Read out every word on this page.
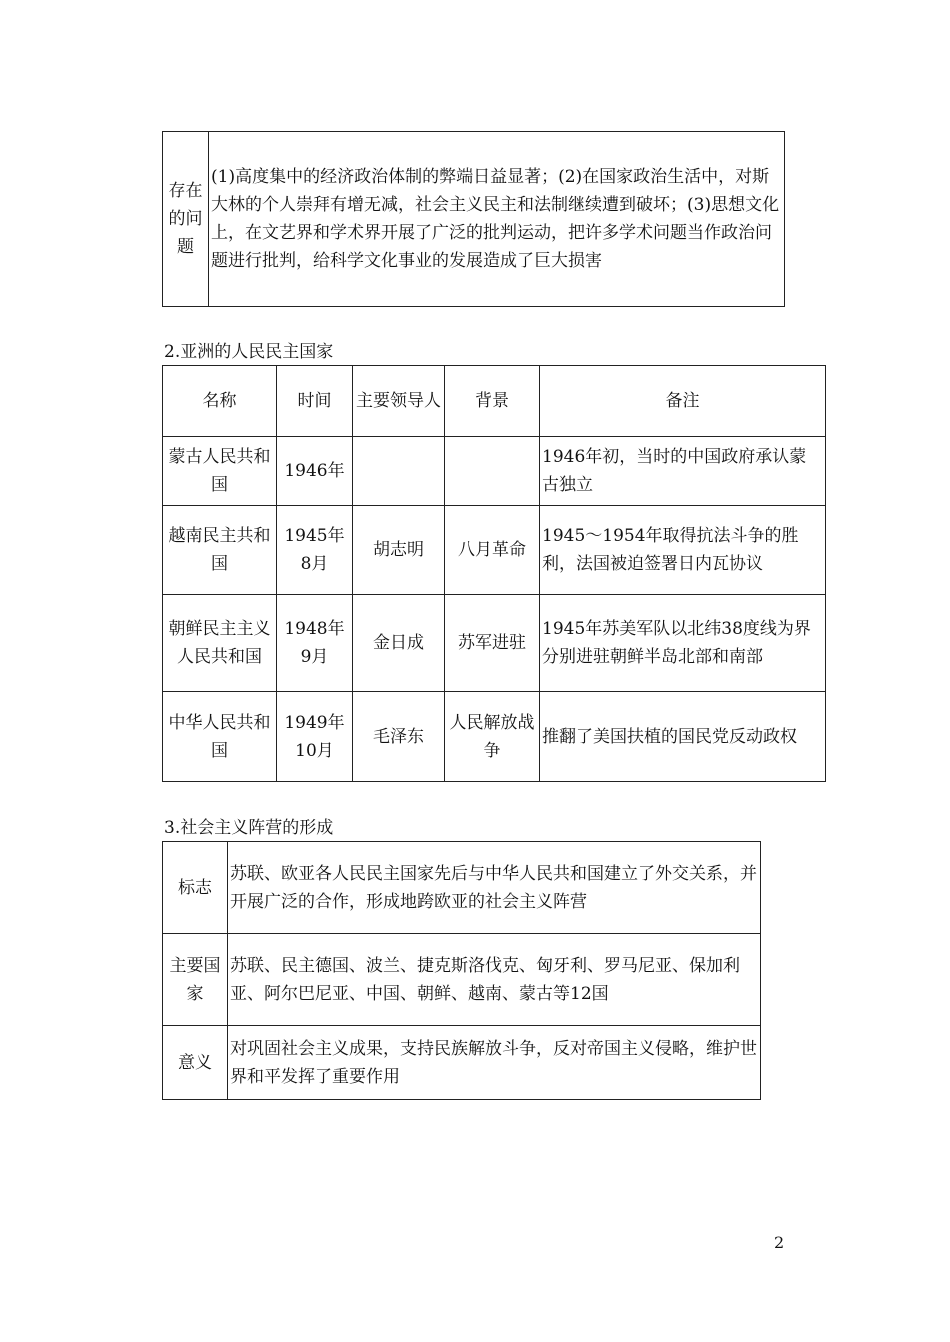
存在的问题	(1)高度集中的经济政治体制的弊端日益显著；(2)在国家政治生活中，对斯大林的个人崇拜有增无减，社会主义民主和法制继续遭到破坏；(3)思想文化上，在文艺界和学术界开展了广泛的批判运动，把许多学术问题当作政治问题进行批判，给科学文化事业的发展造成了巨大损害
2.亚洲的人民民主国家
名称	时间	主要领导人	背景	备注
蒙古人民共和国	1946年			1946年初，当时的中国政府承认蒙古独立
越南民主共和国	1945年8月	胡志明	八月革命	1945～1954年取得抗法斗争的胜利，法国被迫签署日内瓦协议
朝鲜民主主义人民共和国	1948年9月	金日成	苏军进驻	1945年苏美军队以北纬38度线为界分别进驻朝鲜半岛北部和南部
中华人民共和国	1949年10月	毛泽东	人民解放战争	推翻了美国扶植的国民党反动政权
3.社会主义阵营的形成
标志	苏联、欧亚各人民民主国家先后与中华人民共和国建立了外交关系，并开展广泛的合作，形成地跨欧亚的社会主义阵营
主要国家	苏联、民主德国、波兰、捷克斯洛伐克、匈牙利、罗马尼亚、保加利亚、阿尔巴尼亚、中国、朝鲜、越南、蒙古等12国
意义	对巩固社会主义成果，支持民族解放斗争，反对帝国主义侵略，维护世界和平发挥了重要作用
2
